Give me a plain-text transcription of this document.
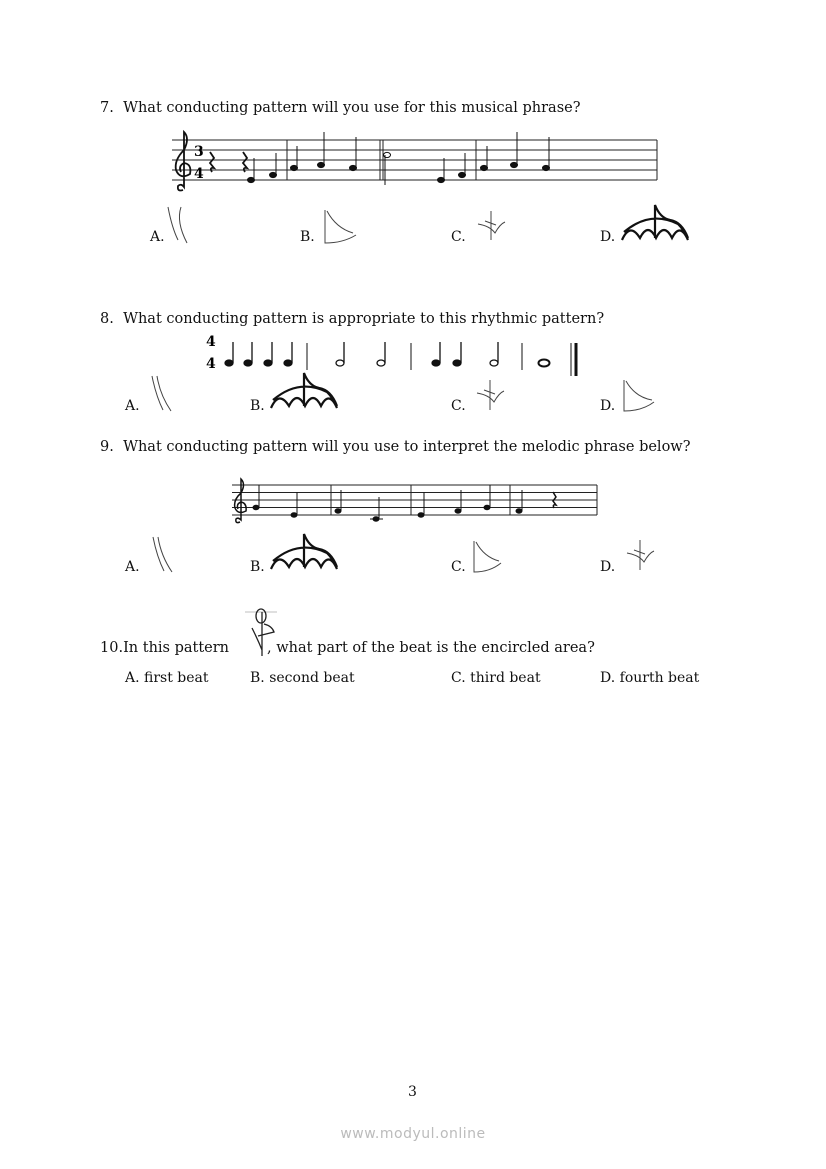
7. What conducting pattern will you use for this musical phrase?
3
4
A.	B.	C.	D.
8. What conducting pattern is appropriate to this rhythmic pattern?
4
4
A.	B.	C.	D.
9. What conducting pattern will you use to interpret the melodic phrase below?
A.	B.	C.	D.
10.In this pattern	, what part of the beat is the encircled area?
A. first beat	B. second beat	C. third beat	D. fourth beat
3
www.modyul.online
